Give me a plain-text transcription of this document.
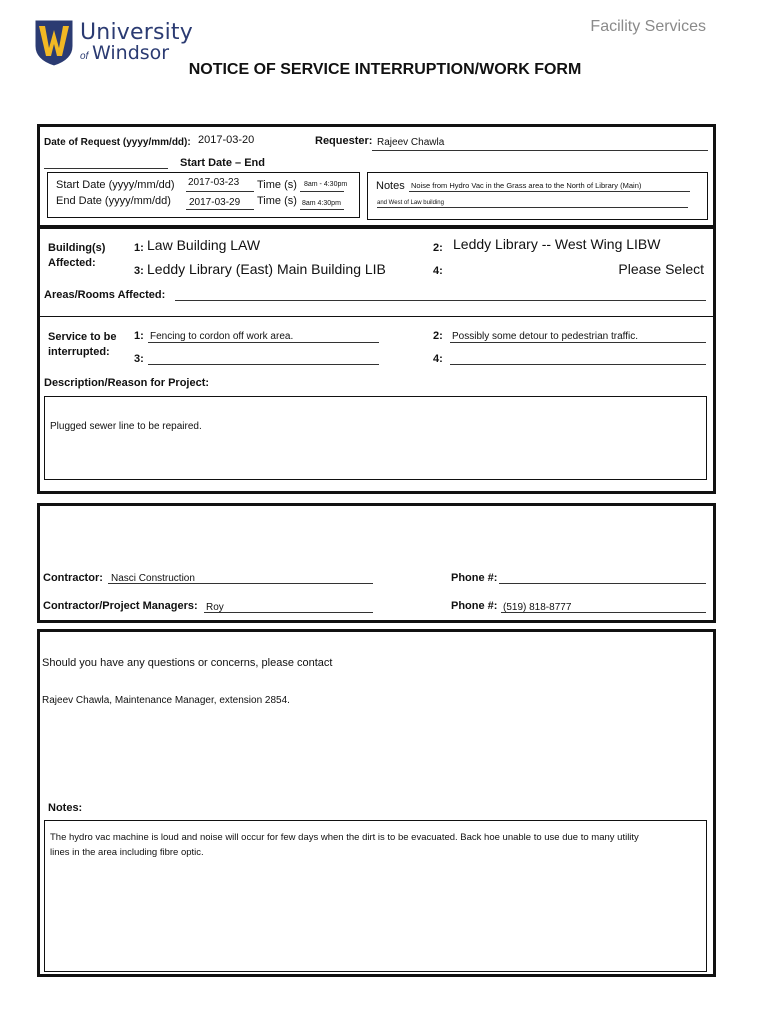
University
of Windsor
Facility Services
NOTICE OF SERVICE INTERRUPTION/WORK FORM
Date of Request (yyyy/mm/dd): 2017-03-20	Requester: Rajeev Chawla
Start Date – End
Start Date (yyyy/mm/dd) 2017-03-23 Time (s) 8am - 4:30pm
End Date (yyyy/mm/dd) 2017-03-29 Time (s) 8am 4:30pm
Notes Noise from Hydro Vac in the Grass area to the North of Library (Main)
and West of Law building
Building(s)
Affected:
1: Law Building LAW	2: Leddy Library -- West Wing LIBW
3: Leddy Library (East) Main Building LIB	4:	Please Select
Areas/Rooms Affected:
Service to be
interrupted:
1: Fencing to cordon off work area.	2: Possibly some detour to pedestrian traffic.
3:	4:
Description/Reason for Project:
Plugged sewer line to be repaired.
Contractor: Nasci Construction	Phone #:
Contractor/Project Managers: Roy	Phone #: (519) 818-8777
Should you have any questions or concerns, please contact
Rajeev Chawla, Maintenance Manager, extension 2854.
Notes:
The hydro vac machine is loud and noise will occur for few days when the dirt is to be evacuated. Back hoe unable to use due to many utility
lines in the area including fibre optic.
